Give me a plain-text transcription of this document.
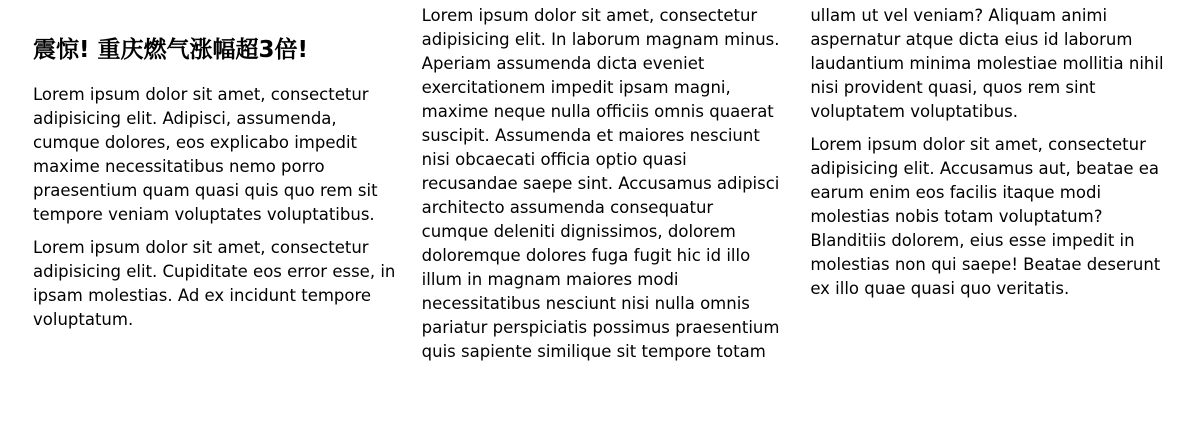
震惊! 重庆燃气涨幅超3倍!

Lorem ipsum dolor sit amet, consectetur adipisicing elit. Adipisci, assumenda, cumque dolores, eos explicabo impedit maxime necessitatibus nemo porro praesentium quam quasi quis quo rem sit tempore veniam voluptates voluptatibus.

Lorem ipsum dolor sit amet, consectetur adipisicing elit. Cupiditate eos error esse, in ipsam molestias. Ad ex incidunt tempore voluptatum.

Lorem ipsum dolor sit amet, consectetur adipisicing elit. In laborum magnam minus. Aperiam assumenda dicta eveniet exercitationem impedit ipsam magni, maxime neque nulla officiis omnis quaerat suscipit. Assumenda et maiores nesciunt nisi obcaecati officia optio quasi recusandae saepe sint. Accusamus adipisci architecto assumenda consequatur cumque deleniti dignissimos, dolorem doloremque dolores fuga fugit hic id illo illum in magnam maiores modi necessitatibus nesciunt nisi nulla omnis pariatur perspiciatis possimus praesentium quis sapiente similique sit tempore totam ullam ut vel veniam? Aliquam animi aspernatur atque dicta eius id laborum laudantium minima molestiae mollitia nihil nisi provident quasi, quos rem sint voluptatem voluptatibus.

Lorem ipsum dolor sit amet, consectetur adipisicing elit. Accusamus aut, beatae ea earum enim eos facilis itaque modi molestias nobis totam voluptatum? Blanditiis dolorem, eius esse impedit in molestias non qui saepe! Beatae deserunt ex illo quae quasi quo veritatis.
